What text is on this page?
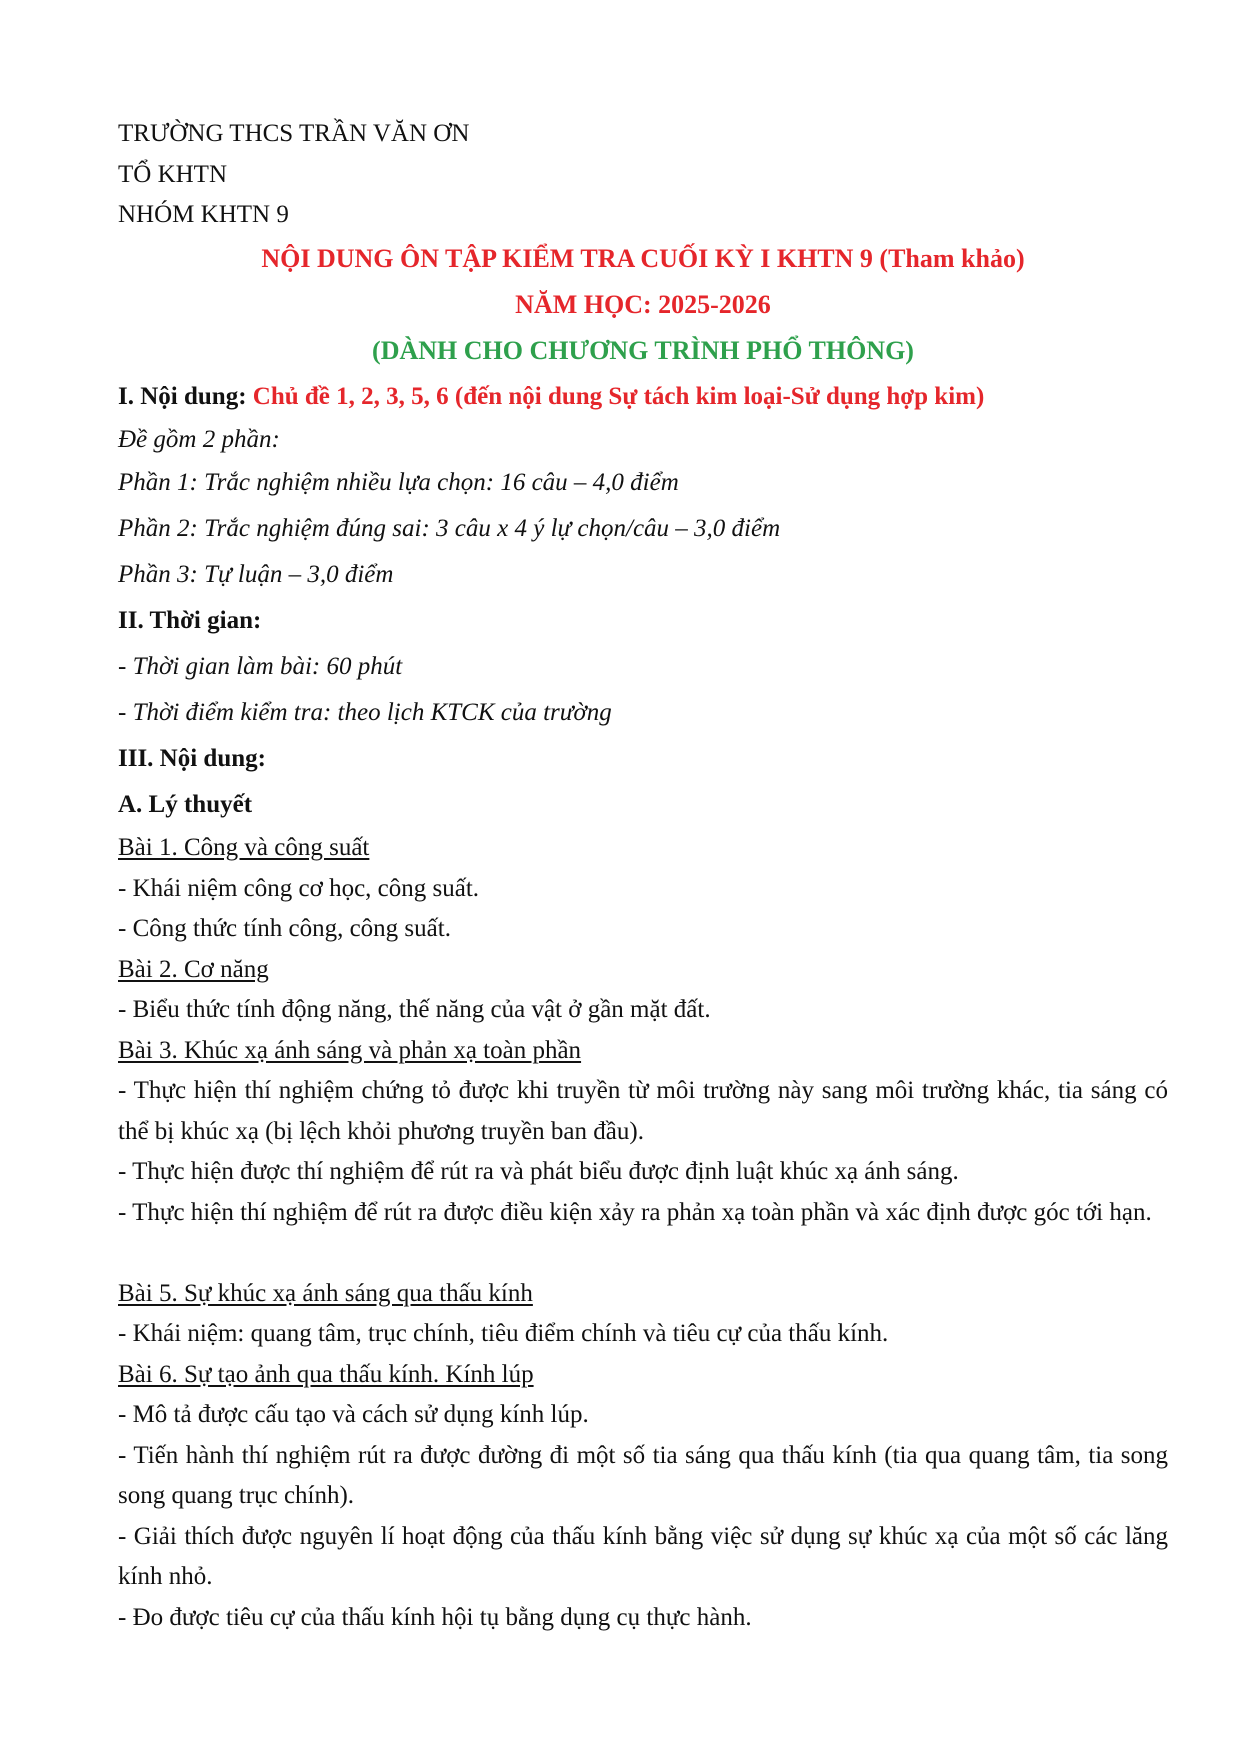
TRƯỜNG THCS TRẦN VĂN ƠN
TỔ KHTN
NHÓM KHTN 9
NỘI DUNG ÔN TẬP KIỂM TRA CUỐI KỲ I KHTN 9 (Tham khảo)
NĂM HỌC: 2025-2026
(DÀNH CHO CHƯƠNG TRÌNH PHỔ THÔNG)
I. Nội dung: Chủ đề 1, 2, 3, 5, 6 (đến nội dung Sự tách kim loại-Sử dụng hợp kim)
Đề gồm 2 phần:
Phần 1: Trắc nghiệm nhiều lựa chọn: 16 câu – 4,0 điểm
Phần 2: Trắc nghiệm đúng sai: 3 câu x 4 ý lự chọn/câu – 3,0 điểm
Phần 3: Tự luận – 3,0 điểm
II. Thời gian:
- Thời gian làm bài: 60 phút
- Thời điểm kiểm tra: theo lịch KTCK của trường
III. Nội dung:
A. Lý thuyết
Bài 1. Công và công suất
- Khái niệm công cơ học, công suất.
- Công thức tính công, công suất.
Bài 2. Cơ năng
- Biểu thức tính động năng, thế năng của vật ở gần mặt đất.
Bài 3. Khúc xạ ánh sáng và phản xạ toàn phần
- Thực hiện thí nghiệm chứng tỏ được khi truyền từ môi trường này sang môi trường khác, tia sáng có thể bị khúc xạ (bị lệch khỏi phương truyền ban đầu).
- Thực hiện được thí nghiệm để rút ra và phát biểu được định luật khúc xạ ánh sáng.
- Thực hiện thí nghiệm để rút ra được điều kiện xảy ra phản xạ toàn phần và xác định được góc tới hạn.
Bài 5. Sự khúc xạ ánh sáng qua thấu kính
- Khái niệm: quang tâm, trục chính, tiêu điểm chính và tiêu cự của thấu kính.
Bài 6. Sự tạo ảnh qua thấu kính. Kính lúp
- Mô tả được cấu tạo và cách sử dụng kính lúp.
- Tiến hành thí nghiệm rút ra được đường đi một số tia sáng qua thấu kính (tia qua quang tâm, tia song song quang trục chính).
- Giải thích được nguyên lí hoạt động của thấu kính bằng việc sử dụng sự khúc xạ của một số các lăng kính nhỏ.
- Đo được tiêu cự của thấu kính hội tụ bằng dụng cụ thực hành.
